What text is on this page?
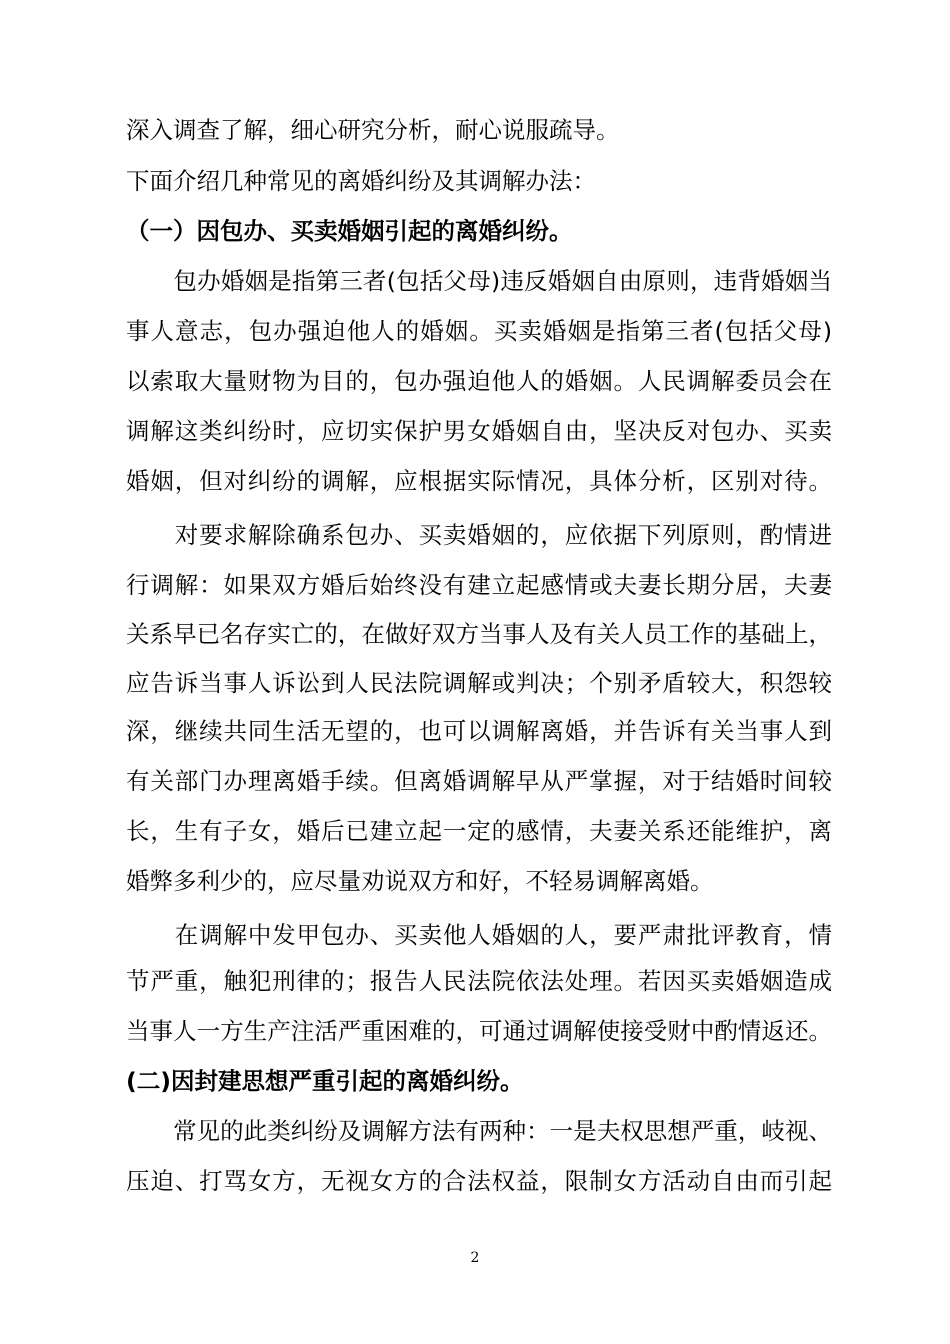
深入调查了解，细心研究分析，耐心说服疏导。
下面介绍几种常见的离婚纠纷及其调解办法：
（一）因包办、买卖婚姻引起的离婚纠纷。
　　包办婚姻是指第三者(包括父母)违反婚姻自由原则，违背婚姻当
事人意志，包办强迫他人的婚姻。买卖婚姻是指第三者(包括父母)
以索取大量财物为目的，包办强迫他人的婚姻。人民调解委员会在
调解这类纠纷时，应切实保护男女婚姻自由，坚决反对包办、买卖
婚姻，但对纠纷的调解，应根据实际情况，具体分析，区别对待。
　　对要求解除确系包办、买卖婚姻的，应依据下列原则，酌情进
行调解：如果双方婚后始终没有建立起感情或夫妻长期分居，夫妻
关系早已名存实亡的，在做好双方当事人及有关人员工作的基础上，
应告诉当事人诉讼到人民法院调解或判决；个别矛盾较大，积怨较
深，继续共同生活无望的，也可以调解离婚，并告诉有关当事人到
有关部门办理离婚手续。但离婚调解早从严掌握，对于结婚时间较
长，生有子女，婚后已建立起一定的感情，夫妻关系还能维护，离
婚弊多利少的，应尽量劝说双方和好，不轻易调解离婚。
　　在调解中发甲包办、买卖他人婚姻的人，要严肃批评教育，情
节严重，触犯刑律的；报告人民法院依法处理。若因买卖婚姻造成
当事人一方生产注活严重困难的，可通过调解使接受财中酌情返还。
(二)因封建思想严重引起的离婚纠纷。
　　常见的此类纠纷及调解方法有两种：一是夫权思想严重，岐视、
压迫、打骂女方，无视女方的合法权益，限制女方活动自由而引起
2
